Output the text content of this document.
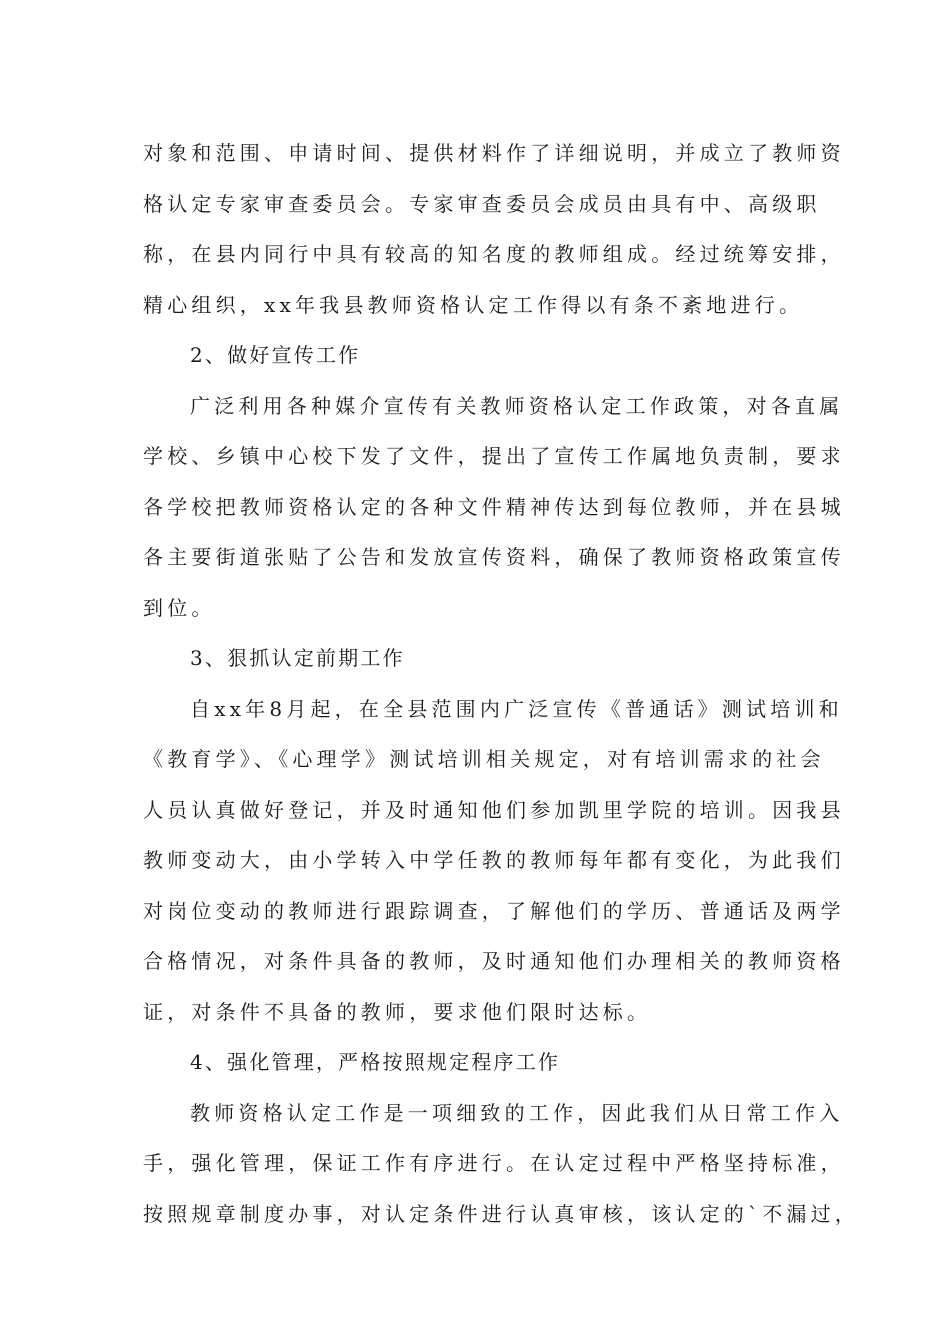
对象和范围、申请时间、提供材料作了详细说明，并成立了教师资
格认定专家审查委员会。专家审查委员会成员由具有中、高级职
称，在县内同行中具有较高的知名度的教师组成。经过统筹安排，
精心组织，xx年我县教师资格认定工作得以有条不紊地进行。
2、做好宣传工作
广泛利用各种媒介宣传有关教师资格认定工作政策，对各直属
学校、乡镇中心校下发了文件，提出了宣传工作属地负责制，要求
各学校把教师资格认定的各种文件精神传达到每位教师，并在县城
各主要街道张贴了公告和发放宣传资料，确保了教师资格政策宣传
到位。
3、狠抓认定前期工作
自xx年8月起，在全县范围内广泛宣传《普通话》测试培训和
《教育学》、《心理学》测试培训相关规定，对有培训需求的社会
人员认真做好登记，并及时通知他们参加凯里学院的培训。因我县
教师变动大，由小学转入中学任教的教师每年都有变化，为此我们
对岗位变动的教师进行跟踪调查，了解他们的学历、普通话及两学
合格情况，对条件具备的教师，及时通知他们办理相关的教师资格
证，对条件不具备的教师，要求他们限时达标。
4、强化管理，严格按照规定程序工作
教师资格认定工作是一项细致的工作，因此我们从日常工作入
手，强化管理，保证工作有序进行。在认定过程中严格坚持标准，
按照规章制度办事，对认定条件进行认真审核，该认定的`不漏过，
